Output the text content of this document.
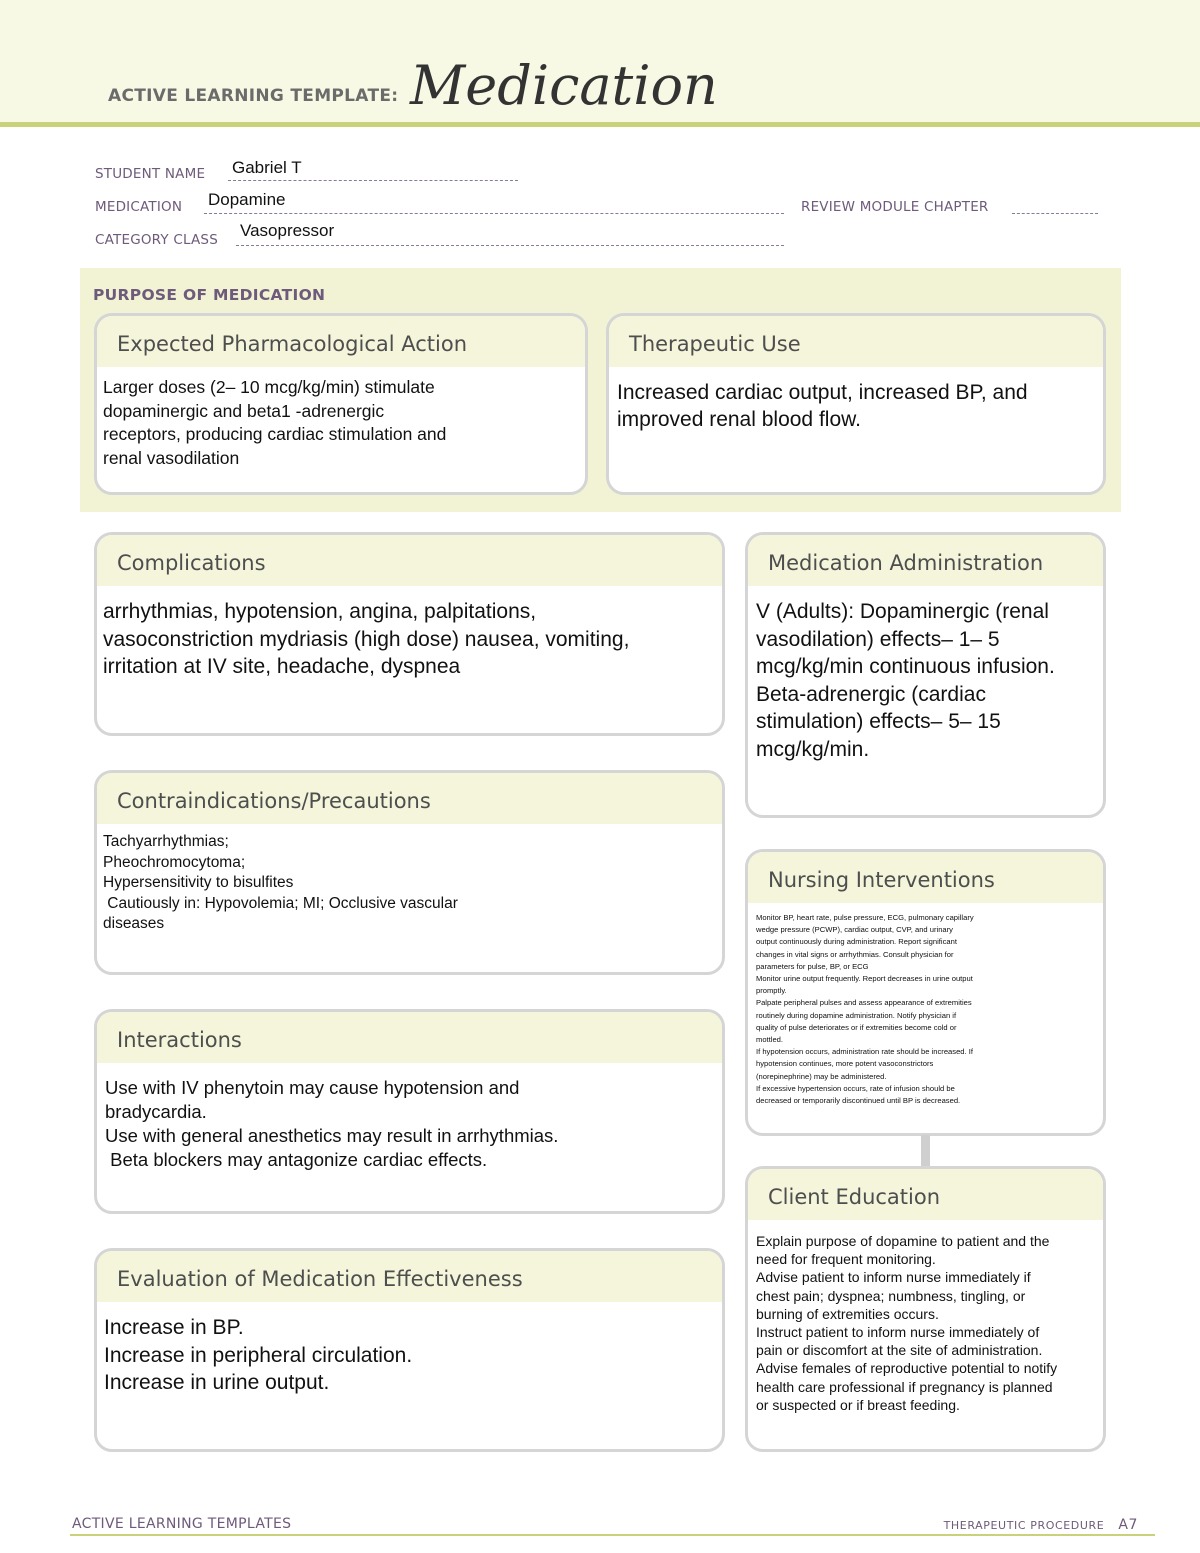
ACTIVE LEARNING TEMPLATE: Medication
STUDENT NAME Gabriel T
MEDICATION Dopamine	REVIEW MODULE CHAPTER
CATEGORY CLASS Vasopressor
PURPOSE OF MEDICATION
Expected Pharmacological Action

Larger doses (2– 10 mcg/kg/min) stimulate

dopaminergic and beta1 -adrenergic

receptors, producing cardiac stimulation and

renal vasodilation

Therapeutic Use

Increased cardiac output, increased BP, and

improved renal blood flow.

Complications

arrhythmias, hypotension, angina, palpitations,

vasoconstriction mydriasis (high dose) nausea, vomiting,

irritation at IV site, headache, dyspnea

Medication Administration

V (Adults): Dopaminergic (renal

vasodilation) effects– 1– 5

mcg/kg/min continuous infusion.

Beta-adrenergic (cardiac

stimulation) effects– 5– 15

mcg/kg/min.

Contraindications/Precautions

Tachyarrhythmias;

Pheochromocytoma;

Hypersensitivity to bisulfites

Cautiously in: Hypovolemia; MI; Occlusive vascular

diseases

Nursing Interventions

Monitor BP, heart rate, pulse pressure, ECG, pulmonary capillary

wedge pressure (PCWP), cardiac output, CVP, and urinary

output continuously during administration. Report significant

changes in vital signs or arrhythmias. Consult physician for

parameters for pulse, BP, or ECG

Monitor urine output frequently. Report decreases in urine output

promptly.

Palpate peripheral pulses and assess appearance of extremities

routinely during dopamine administration. Notify physician if

quality of pulse deteriorates or if extremities become cold or

mottled.

If hypotension occurs, administration rate should be increased. If

hypotension continues, more potent vasoconstrictors

(norepinephrine) may be administered.

If excessive hypertension occurs, rate of infusion should be

decreased or temporarily discontinued until BP is decreased.

Interactions

Use with IV phenytoin may cause hypotension and

bradycardia.

Use with general anesthetics may result in arrhythmias.

Beta blockers may antagonize cardiac effects.

Client Education

Explain purpose of dopamine to patient and the

need for frequent monitoring.

Advise patient to inform nurse immediately if

chest pain; dyspnea; numbness, tingling, or

burning of extremities occurs.

Instruct patient to inform nurse immediately of

pain or discomfort at the site of administration.

Advise females of reproductive potential to notify

health care professional if pregnancy is planned

or suspected or if breast feeding.

Evaluation of Medication Effectiveness

Increase in BP.

Increase in peripheral circulation.

Increase in urine output.

ACTIVE LEARNING TEMPLATES	THERAPEUTIC PROCEDURE A7
